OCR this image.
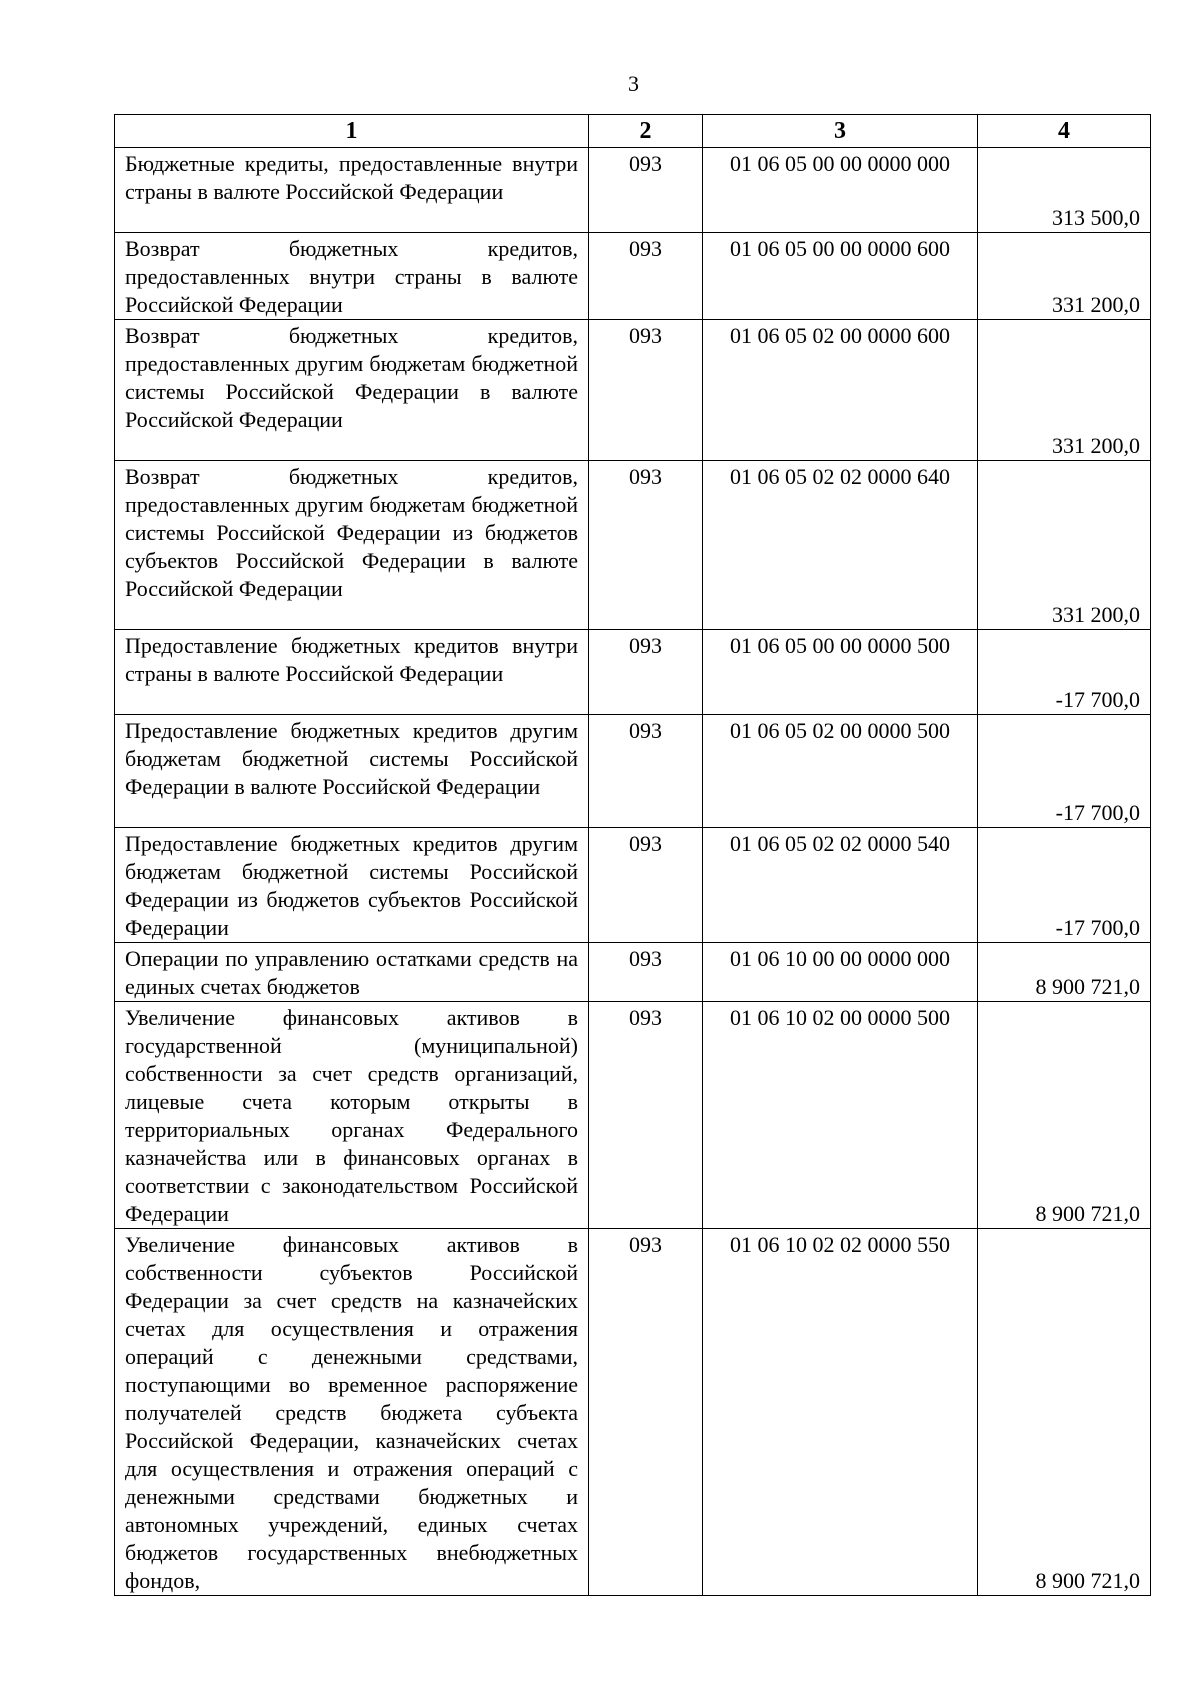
3
1	2	3	4
Бюджетные кредиты, предоставленные внутри страны в валюте Российской Федерации	093	01 06 05 00 00 0000 000	313 500,0
Возврат бюджетных кредитов, предоставленных внутри страны в валюте Российской Федерации	093	01 06 05 00 00 0000 600	331 200,0
Возврат бюджетных кредитов, предоставленных другим бюджетам бюджетной системы Российской Федерации в валюте Российской Федерации	093	01 06 05 02 00 0000 600	331 200,0
Возврат бюджетных кредитов, предоставленных другим бюджетам бюджетной системы Российской Федерации из бюджетов субъектов Российской Федерации в валюте Российской Федерации	093	01 06 05 02 02 0000 640	331 200,0
Предоставление бюджетных кредитов внутри страны в валюте Российской Федерации	093	01 06 05 00 00 0000 500	-17 700,0
Предоставление бюджетных кредитов другим бюджетам бюджетной системы Российской Федерации в валюте Российской Федерации	093	01 06 05 02 00 0000 500	-17 700,0
Предоставление бюджетных кредитов другим бюджетам бюджетной системы Российской Федерации из бюджетов субъектов Российской Федерации	093	01 06 05 02 02 0000 540	-17 700,0
Операции по управлению остатками средств на единых счетах бюджетов	093	01 06 10 00 00 0000 000	8 900 721,0
Увеличение финансовых активов в государственной (муниципальной) собственности за счет средств организаций, лицевые счета которым открыты в территориальных органах Федерального казначейства или в финансовых органах в соответствии с законодательством Российской Федерации	093	01 06 10 02 00 0000 500	8 900 721,0
Увеличение финансовых активов в собственности субъектов Российской Федерации за счет средств на казначейских счетах для осуществления и отражения операций с денежными средствами, поступающими во временное распоряжение получателей средств бюджета субъекта Российской Федерации, казначейских счетах для осуществления и отражения операций с денежными средствами бюджетных и автономных учреждений, единых счетах бюджетов государственных внебюджетных фондов,	093	01 06 10 02 02 0000 550	8 900 721,0
